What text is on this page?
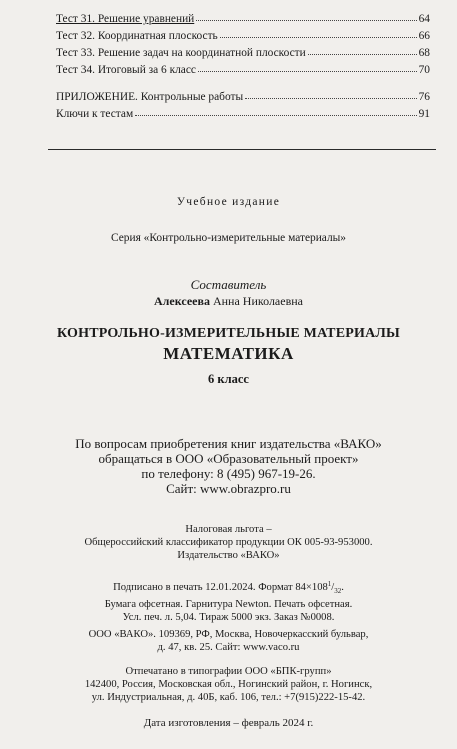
Тест 31. Решение уравнений	64
Тест 32. Координатная плоскость	66
Тест 33. Решение задач на координатной плоскости	68
Тест 34. Итоговый за 6 класс	70
ПРИЛОЖЕНИЕ. Контрольные работы	76
Ключи к тестам	91
Учебное издание
Серия «Контрольно-измерительные материалы»
Составитель
Алексеева Анна Николаевна
КОНТРОЛЬНО-ИЗМЕРИТЕЛЬНЫЕ МАТЕРИАЛЫ
МАТЕМАТИКА
6 класс
По вопросам приобретения книг издательства «ВАКО»
обращаться в ООО «Образовательный проект»
по телефону: 8 (495) 967-19-26.
Сайт: www.obrazpro.ru
Налоговая льгота –
Общероссийский классификатор продукции ОК 005-93-953000.
Издательство «ВАКО»
Подписано в печать 12.01.2024. Формат $84\times 108^1/_{32}$.
Бумага офсетная. Гарнитура Newton. Печать офсетная.
Усл. печ. л. 5,04. Тираж 5000 экз. Заказ №0008.
ООО «ВАКО». 109369, РФ, Москва, Новочеркасский бульвар,
д. 47, кв. 25. Сайт: www.vaco.ru
Отпечатано в типографии ООО «БПК-групп»
142400, Россия, Московская обл., Ногинский район, г. Ногинск,
ул. Индустриальная, д. 40Б, каб. 106, тел.: +7(915)222-15-42.
Дата изготовления – февраль 2024 г.
